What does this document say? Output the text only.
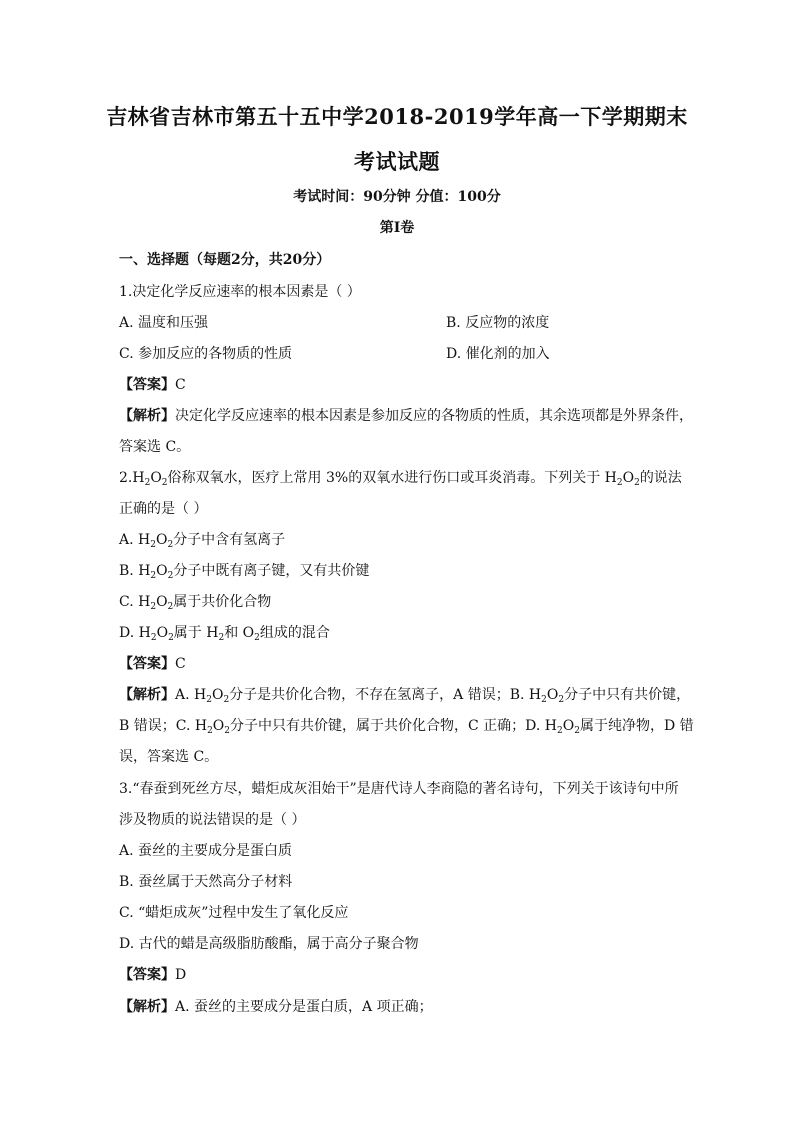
吉林省吉林市第五十五中学2018-2019学年高一下学期期末
考试试题
考试时间：90分钟 分值：100分
第I卷
一、选择题（每题2分，共20分）
1.决定化学反应速率的根本因素是（ ）
A. 温度和压强	B. 反应物的浓度
C. 参加反应的各物质的性质	D. 催化剂的加入
【答案】C
【解析】决定化学反应速率的根本因素是参加反应的各物质的性质，其余选项都是外界条件，
答案选 C。
$2.H_2O_2$俗称双氧水，医疗上常用 3%的双氧水进行伤口或耳炎消毒。下列关于 $H_2O_2$的说法
正确的是（ ）
A. $H_2O_2$分子中含有氢离子
B. $H_2O_2$分子中既有离子键，又有共价键
C. $H_2O_2$属于共价化合物
D. $H_2O_2$属于 $H_2$和 $O_2$组成的混合
【答案】C
【解析】A. $H_2O_2$分子是共价化合物，不存在氢离子，A 错误；B. $H_2O_2$分子中只有共价键，
B 错误；C. $H_2O_2$分子中只有共价键，属于共价化合物，C 正确；D. $H_2O_2$属于纯净物，D 错
误，答案选 C。
3.“春蚕到死丝方尽，蜡炬成灰泪始干”是唐代诗人李商隐的著名诗句，下列关于该诗句中所
涉及物质的说法错误的是（ ）
A. 蚕丝的主要成分是蛋白质
B. 蚕丝属于天然高分子材料
C. “蜡炬成灰”过程中发生了氧化反应
D. 古代的蜡是高级脂肪酸酯，属于高分子聚合物
【答案】D
【解析】A. 蚕丝的主要成分是蛋白质，A 项正确；
